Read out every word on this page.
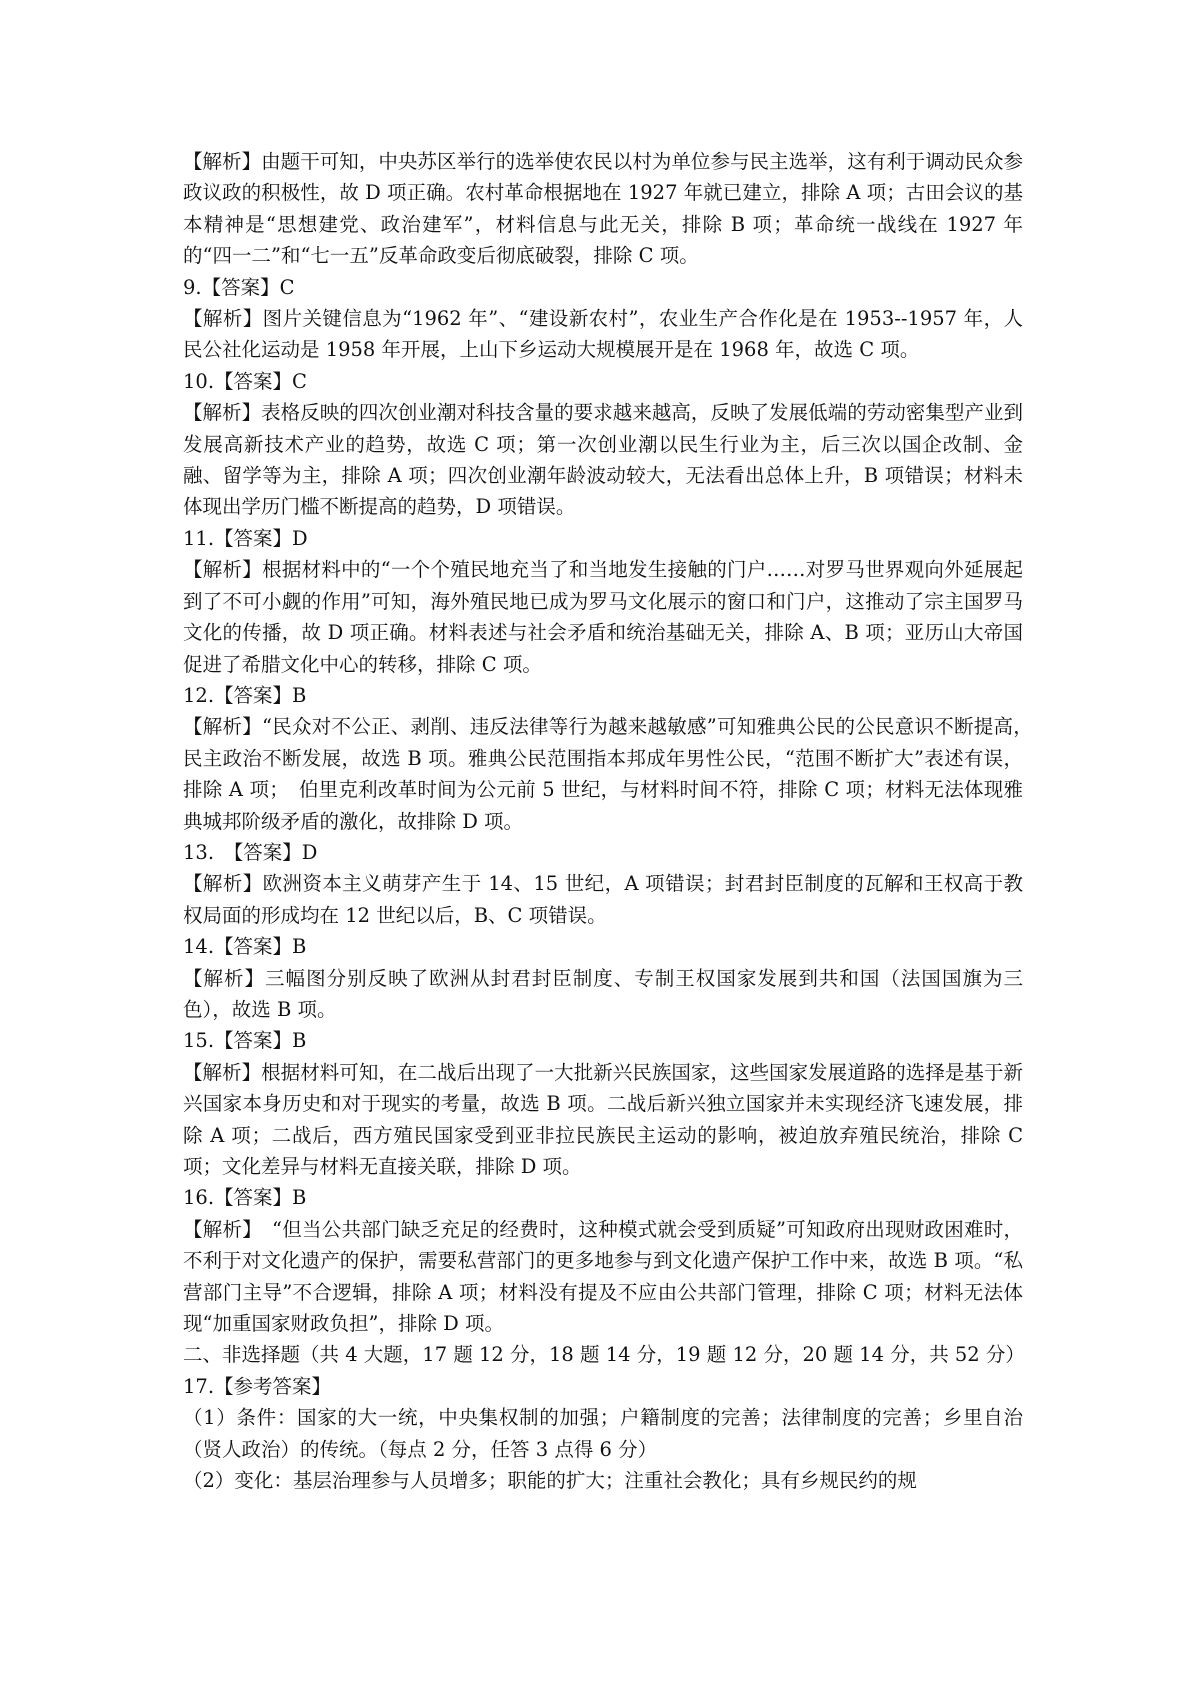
【解析】由题干可知，中央苏区举行的选举使农民以村为单位参与民主选举，这有利于调动民众参政议政的积极性，故 D 项正确。农村革命根据地在 1927 年就已建立，排除 A 项；古田会议的基本精神是“思想建党、政治建军”，材料信息与此无关，排除 B 项；革命统一战线在 1927 年的“四一二”和“七一五”反革命政变后彻底破裂，排除 C 项。

9.【答案】C

【解析】图片关键信息为“1962 年”、“建设新农村”，农业生产合作化是在 1953--1957 年，人民公社化运动是 1958 年开展，上山下乡运动大规模展开是在 1968 年，故选 C 项。

10.【答案】C

【解析】表格反映的四次创业潮对科技含量的要求越来越高，反映了发展低端的劳动密集型产业到发展高新技术产业的趋势，故选 C 项；第一次创业潮以民生行业为主，后三次以国企改制、金融、留学等为主，排除 A 项；四次创业潮年龄波动较大，无法看出总体上升，B 项错误；材料未体现出学历门槛不断提高的趋势，D 项错误。

11.【答案】D

【解析】根据材料中的“一个个殖民地充当了和当地发生接触的门户……对罗马世界观向外延展起到了不可小觑的作用”可知，海外殖民地已成为罗马文化展示的窗口和门户，这推动了宗主国罗马文化的传播，故 D 项正确。材料表述与社会矛盾和统治基础无关，排除 A、B 项；亚历山大帝国促进了希腊文化中心的转移，排除 C 项。

12.【答案】B

【解析】“民众对不公正、剥削、违反法律等行为越来越敏感”可知雅典公民的公民意识不断提高，　民主政治不断发展，故选 B 项。雅典公民范围指本邦成年男性公民，“范围不断扩大”表述有误，排除 A 项；　伯里克利改革时间为公元前 5 世纪，与材料时间不符，排除 C 项；材料无法体现雅典城邦阶级矛盾的激化，故排除 D 项。

13.　【答案】D

【解析】欧洲资本主义萌芽产生于 14、15 世纪，A 项错误；封君封臣制度的瓦解和王权高于教权局面的形成均在 12 世纪以后，B、C 项错误。

14.【答案】B

【解析】三幅图分别反映了欧洲从封君封臣制度、专制王权国家发展到共和国（法国国旗为三色），故选 B 项。

15.【答案】B

【解析】根据材料可知，在二战后出现了一大批新兴民族国家，这些国家发展道路的选择是基于新兴国家本身历史和对于现实的考量，故选 B 项。二战后新兴独立国家并未实现经济飞速发展，排除 A 项；二战后，西方殖民国家受到亚非拉民族民主运动的影响，被迫放弃殖民统治，排除 C 项；文化差异与材料无直接关联，排除 D 项。

16.【答案】B

【解析】　“但当公共部门缺乏充足的经费时，这种模式就会受到质疑”可知政府出现财政困难时，不利于对文化遗产的保护，需要私营部门的更多地参与到文化遗产保护工作中来，故选 B 项。“私营部门主导”不合逻辑，排除 A 项；材料没有提及不应由公共部门管理，排除 C 项；材料无法体现“加重国家财政负担”，排除 D 项。

二、非选择题（共 4 大题，17 题 12 分，18 题 14 分，19 题 12 分，20 题 14 分，共 52 分）

17.【参考答案】

（1）条件：国家的大一统，中央集权制的加强；户籍制度的完善；法律制度的完善；乡里自治（贤人政治）的传统。（每点 2 分，任答 3 点得 6 分）

（2）变化：基层治理参与人员增多；职能的扩大；注重社会教化；具有乡规民约的规
